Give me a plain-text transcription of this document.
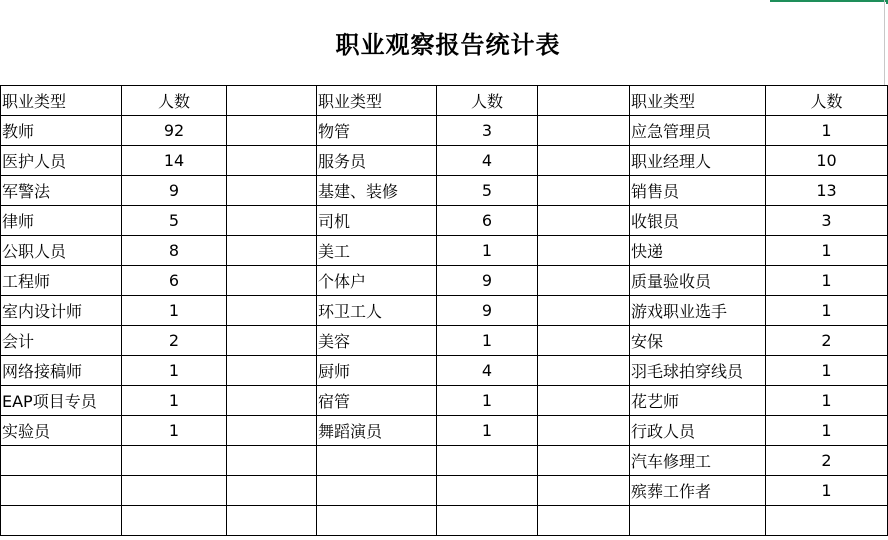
职业观察报告统计表
职业类型	人数		职业类型	人数		职业类型	人数
教师	92		物管	3		应急管理员	1
医护人员	14		服务员	4		职业经理人	10
军警法	9		基建、装修	5		销售员	13
律师	5		司机	6		收银员	3
公职人员	8		美工	1		快递	1
工程师	6		个体户	9		质量验收员	1
室内设计师	1		环卫工人	9		游戏职业选手	1
会计	2		美容	1		安保	2
网络接稿师	1		厨师	4		羽毛球拍穿线员	1
EAP项目专员	1		宿管	1		花艺师	1
实验员	1		舞蹈演员	1		行政人员	1
						汽车修理工	2
						殡葬工作者	1
